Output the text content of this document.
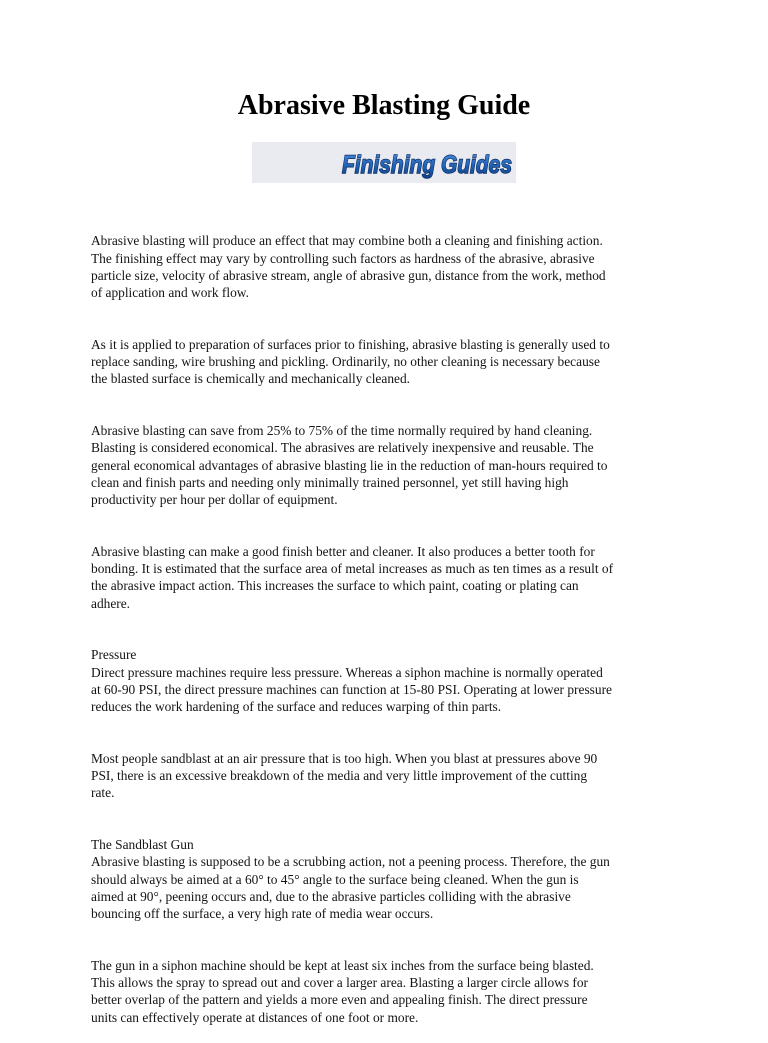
Abrasive Blasting Guide
Finishing Guides

Abrasive blasting will produce an effect that may combine both a cleaning and finishing action.
The finishing effect may vary by controlling such factors as hardness of the abrasive, abrasive
particle size, velocity of abrasive stream, angle of abrasive gun, distance from the work, method
of application and work flow.

As it is applied to preparation of surfaces prior to finishing, abrasive blasting is generally used to
replace sanding, wire brushing and pickling. Ordinarily, no other cleaning is necessary because
the blasted surface is chemically and mechanically cleaned.

Abrasive blasting can save from 25% to 75% of the time normally required by hand cleaning.
Blasting is considered economical. The abrasives are relatively inexpensive and reusable. The
general economical advantages of abrasive blasting lie in the reduction of man-hours required to
clean and finish parts and needing only minimally trained personnel, yet still having high
productivity per hour per dollar of equipment.

Abrasive blasting can make a good finish better and cleaner. It also produces a better tooth for
bonding. It is estimated that the surface area of metal increases as much as ten times as a result of
the abrasive impact action. This increases the surface to which paint, coating or plating can
adhere.

Pressure
Direct pressure machines require less pressure. Whereas a siphon machine is normally operated
at 60-90 PSI, the direct pressure machines can function at 15-80 PSI. Operating at lower pressure
reduces the work hardening of the surface and reduces warping of thin parts.

Most people sandblast at an air pressure that is too high. When you blast at pressures above 90
PSI, there is an excessive breakdown of the media and very little improvement of the cutting
rate.

The Sandblast Gun
Abrasive blasting is supposed to be a scrubbing action, not a peening process. Therefore, the gun
should always be aimed at a 60° to 45° angle to the surface being cleaned. When the gun is
aimed at 90°, peening occurs and, due to the abrasive particles colliding with the abrasive
bouncing off the surface, a very high rate of media wear occurs.

The gun in a siphon machine should be kept at least six inches from the surface being blasted.
This allows the spray to spread out and cover a larger area. Blasting a larger circle allows for
better overlap of the pattern and yields a more even and appealing finish. The direct pressure
units can effectively operate at distances of one foot or more.
